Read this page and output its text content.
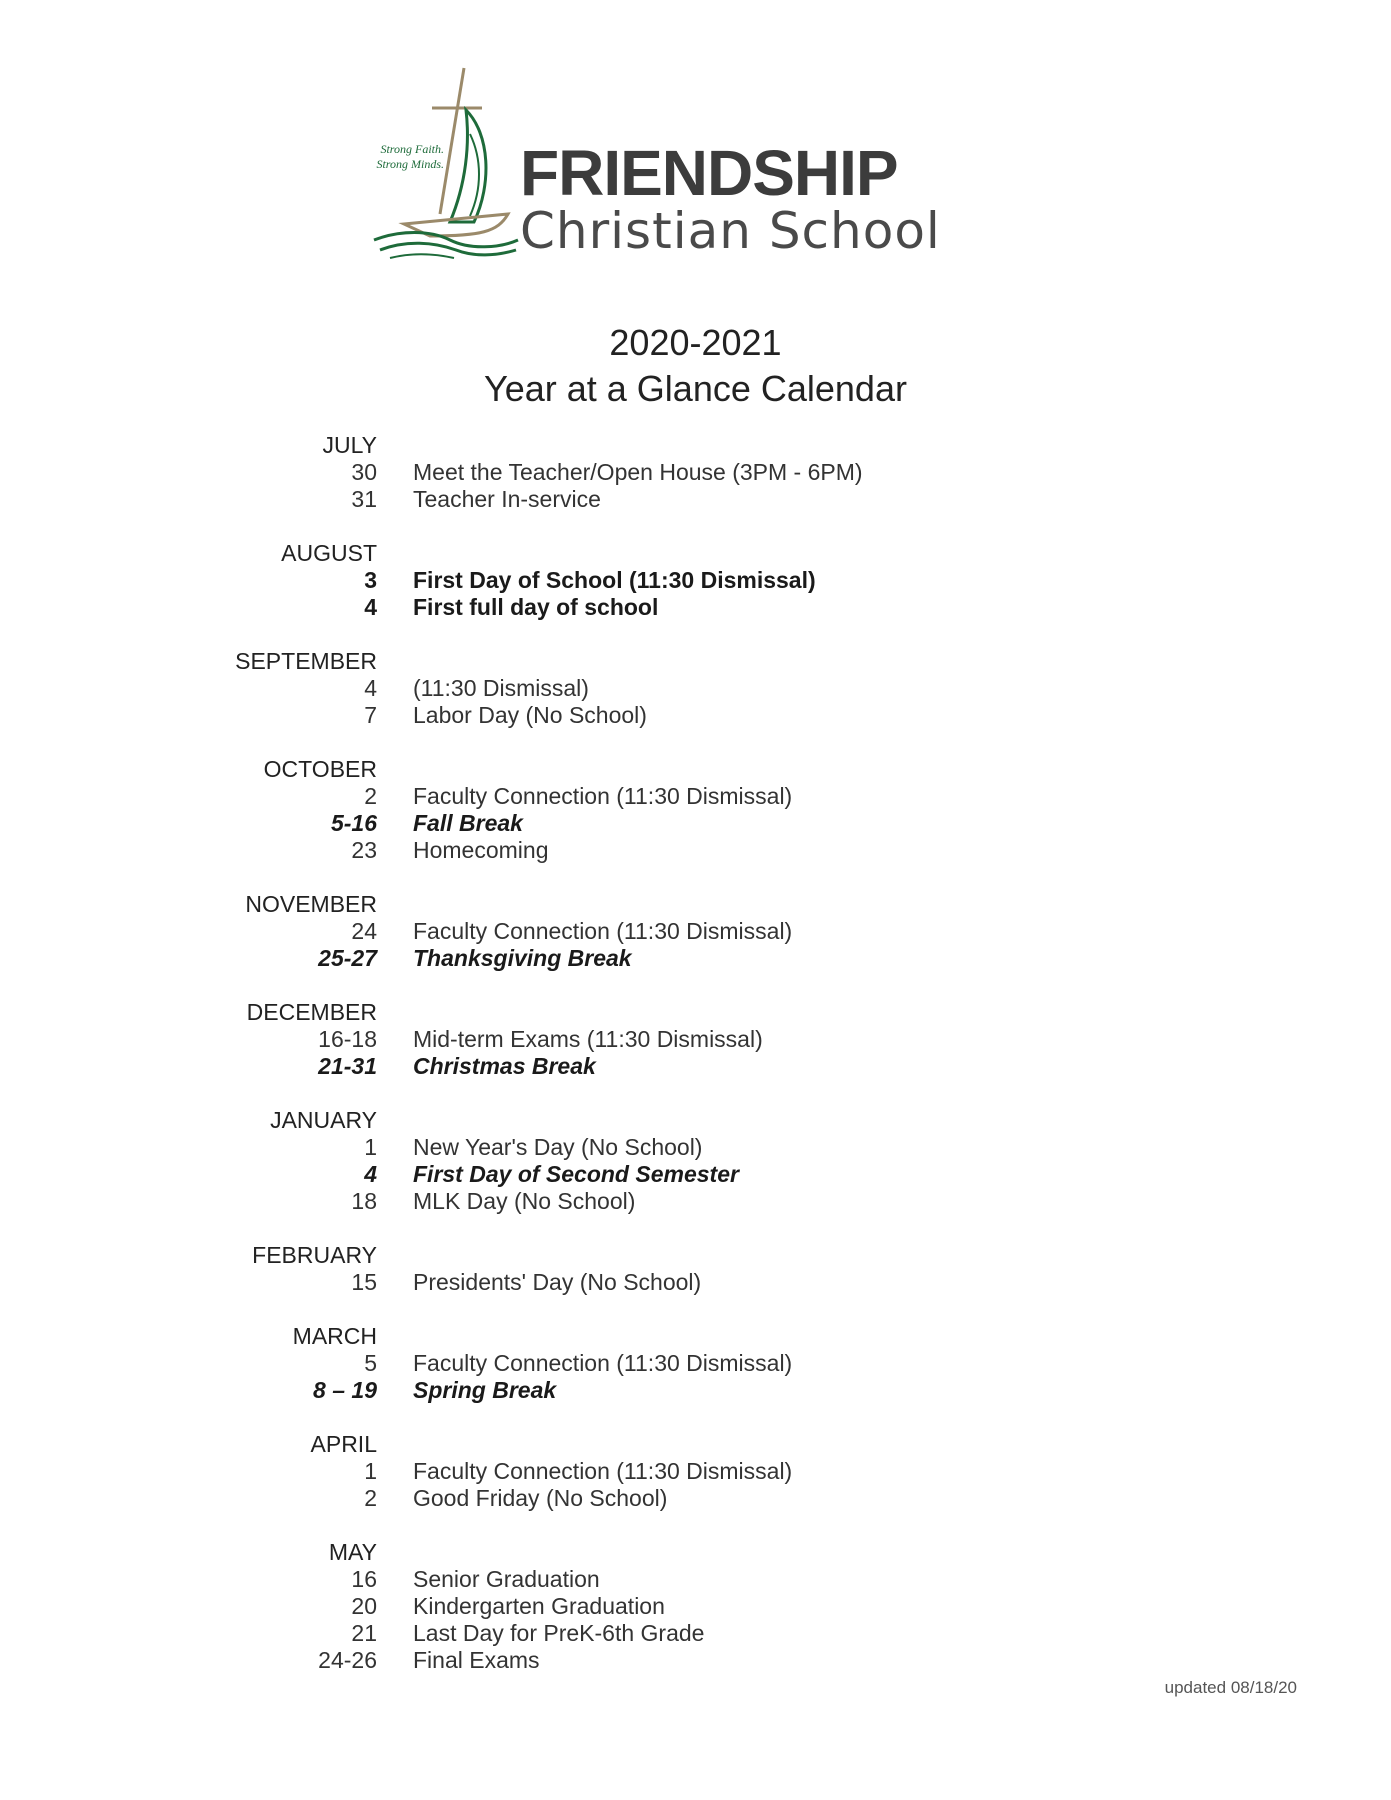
Strong Faith.
Strong Minds. FRIENDSHIP
Christian School
2020-2021
Year at a Glance Calendar
JULY
30 Meet the Teacher/Open House (3PM - 6PM)
31 Teacher In-service
AUGUST
3 First Day of School (11:30 Dismissal)
4 First full day of school
SEPTEMBER
4 (11:30 Dismissal)
7 Labor Day (No School)
OCTOBER
2 Faculty Connection (11:30 Dismissal)
5-16 Fall Break
23 Homecoming
NOVEMBER
24 Faculty Connection (11:30 Dismissal)
25-27 Thanksgiving Break
DECEMBER
16-18 Mid-term Exams (11:30 Dismissal)
21-31 Christmas Break
JANUARY
1 New Year's Day (No School)
4 First Day of Second Semester
18 MLK Day (No School)
FEBRUARY
15 Presidents' Day (No School)
MARCH
5 Faculty Connection (11:30 Dismissal)
8 – 19 Spring Break
APRIL
1 Faculty Connection (11:30 Dismissal)
2 Good Friday (No School)
MAY
16 Senior Graduation
20 Kindergarten Graduation
21 Last Day for PreK-6th Grade
24-26 Final Exams
updated 08/18/20
